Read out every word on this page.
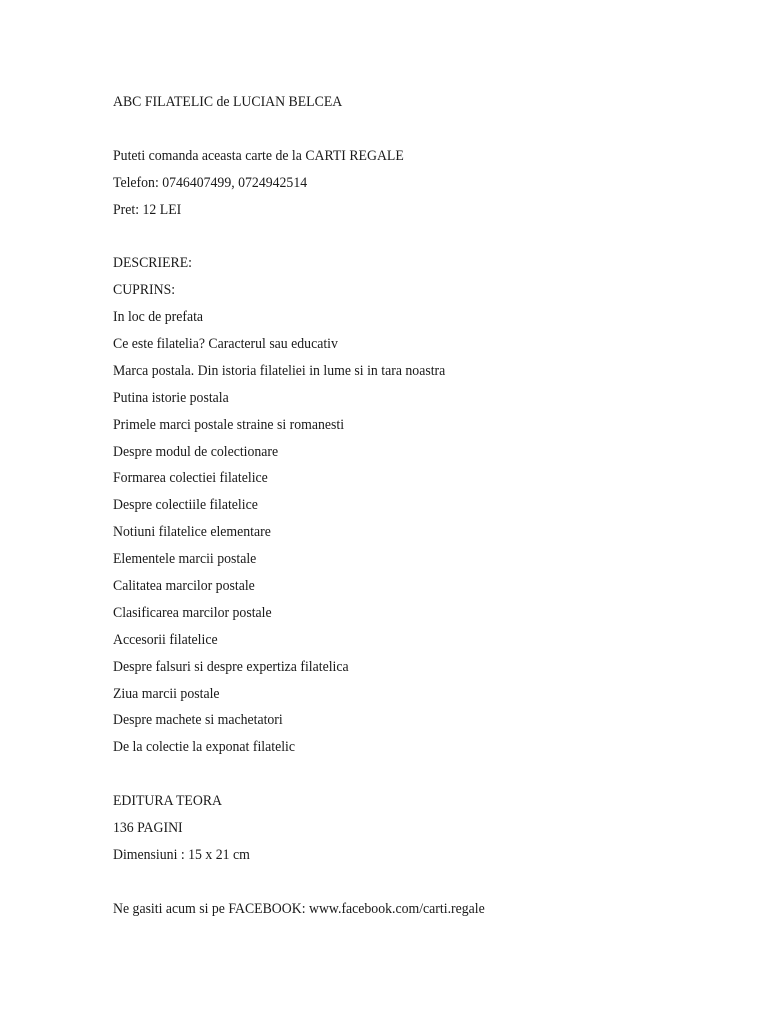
ABC FILATELIC de LUCIAN BELCEA
Puteti comanda aceasta carte de la CARTI REGALE
Telefon: 0746407499, 0724942514
Pret: 12 LEI
DESCRIERE:
CUPRINS:
In loc de prefata
Ce este filatelia? Caracterul sau educativ
Marca postala. Din istoria filateliei in lume si in tara noastra
Putina istorie postala
Primele marci postale straine si romanesti
Despre modul de colectionare
Formarea colectiei filatelice
Despre colectiile filatelice
Notiuni filatelice elementare
Elementele marcii postale
Calitatea marcilor postale
Clasificarea marcilor postale
Accesorii filatelice
Despre falsuri si despre expertiza filatelica
Ziua marcii postale
Despre machete si machetatori
De la colectie la exponat filatelic
EDITURA TEORA
136 PAGINI
Dimensiuni : 15 x 21 cm
Ne gasiti acum si pe FACEBOOK: www.facebook.com/carti.regale
